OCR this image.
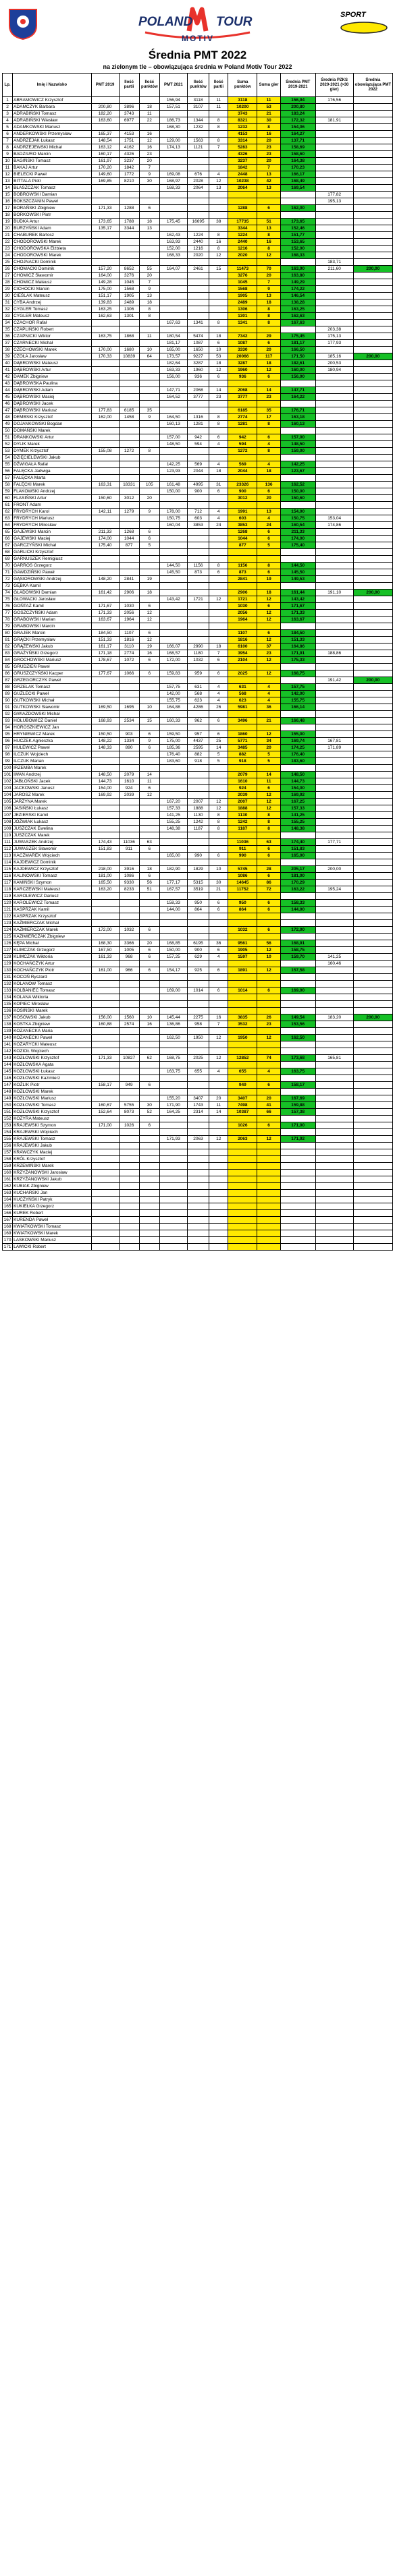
POLAND TOUR
MOTIV
SPORT
Średnia PMT 2022
na zielonym tle – obowiązująca średnia w Poland Motiv Tour 2022
Lp.	Imię i Nazwisko	PMT 2019	Ilość partii	Ilość punktów	PMT 2021	Ilość punktów	Ilość partii	Suma punktów	Suma gier	Średnia PMT 2019-2021	Średnia PZKS 2020-2021 (>30 gier)	Średnia obowiązująca PMT 2022
1	ABRAMOWICZ Krzysztof				156,94	3118	11	3118	11	156,94	176,56	
2	ADAMCZYK Barbara	200,80	3896	18	157,51	3107	11	10200	53	200,80		
3	ADRABIŃSKI Tomasz	182,20	3743	11				3743	21	183,24		
4	ADRABIŃSKI Wiesław	163,60	6977	22	186,73	1344	8	8321	30	172,32	181,91	
5	ADAMKOWSKI Mariusz				168,30	1232	8	1232	8	154,06		
6	ANDERKOWSKI Przemysław	165,37	4153	16				4153	16	164,27		
7	ANDRZEJAK Łukasz	148,54	1751	12	129,00	1563	8	3314	20	137,71		
8	ANDRZEJEWSKI Michał	163,12	4162	16	174,13	1121	7	5283	23	158,69		
9	BADZIURO Marcin	160,17	4326	23				4326	23	158,60		
10	BAGIŃSKI Tomasz	161,97	3237	20				3237	20	164,38		
11	BAKAJ Artur	170,20	1842	7				1842	7	170,23		
12	BIELECKI Paweł	149,60	1772	9	169,08	676	4	2448	13	166,17		
13	BITTALA Piotr	169,85	8210	30	168,97	2028	12	10238	42	168,49		
14	BŁASZCZAK Tomasz				168,33	2064	13	2064	13	169,54		
15	BOBROWSKI Damian										177,82	
16	BOKSZCZANIN Paweł										195,13	
17	BORAŃSKI Zbigniew	171,33	1288	6				1288	6	162,00		
18	BORKOWSKI Piotr											
19	BUDKA Artur	173,65	1788	18	175,45	16695	38	17735	51	173,65		
20	BURZYŃSKI Adam	135,17	3344	13				3344	13	152,46		
21	CHABUREK Bartosz				162,43	1224	8	1224	8	151,77		
22	CHODOROWSKI Marek				163,93	2440	16	2440	16	153,65		
23	CHODOROWSKA Elżbieta				152,00	1216	8	1216	8	152,00		
24	CHODOROWSKI Marek				168,33	2020	12	2020	12	168,33		
25	CHOJNACKI Dominik										183,71	
26	CHOMACKI Dominik	157,20	8652	55	164,07	2461	15	11473	70	163,90	211,60	200,00
27	CHOMICZ Sławomir	164,00	3276	20				3276	20	163,80		
28	CHOMICZ Mateusz	149,28	1045	7				1045	7	149,29		
29	CICHOCKI Marcin	175,00	1568	9				1568	9	174,22		
30	CIEŚLAK Mateusz	151,17	1905	13				1905	13	146,54		
31	CYBA Andrzej	139,83	2489	18				2489	18	138,28		
32	CYGLER Tomasz	163,25	1306	8				1306	8	163,25		
33	CYGLER Mateusz	162,63	1301	8				1301	8	162,63		
34	CZACHOR Rafał				167,63	1341	8	1341	8	167,63		
35	CZAPLIŃSKI Robert										203,38	
36	CZAPNICKI Wiktor	163,75	1868	11	180,54	5474	18	7342	29	175,45	175,13	
37	CZARNECKI Michał				181,17	1087	6	1087	6	181,17	177,93	
38	CZECHOWSKI Marek	170,00	1680	10	165,00	1650	10	3330	20	166,50		
39	CZOŁA Jarosław	170,33	10839	64	173,57	9227	53	20066	117	171,50	185,16	200,00
40	DĄBROWSKI Mateusz				182,64	3287	18	3287	18	182,61	200,53	
41	DĄBROWSKI Artur				163,33	1960	12	1960	12	160,00	180,94	
42	DAMEK Zbigniew				156,00	936	6	936	6	156,00		
43	DĄBROWSKA Paulina											
44	DĄBROWSKI Adam				147,71	2068	14	2068	14	147,71		
45	DĄBROWSKI Maciej				164,52	3777	23	3777	23	164,22		
46	DĄBROWSKI Jacek											
47	DĄBROWSKI Mariusz	177,83	6185	35				6185	35	176,71		
48	DEMBSKI Krzysztof	162,00	1458	9	164,50	1316	8	2774	17	163,18		
49	DOJANKOWSKI Bogdan				160,13	1281	8	1281	8	160,13		
50	DOMAŃSKI Marek											
51	DRANKOWSKI Artur				157,00	942	6	942	6	157,00		
52	DYLIK Marek				148,50	594	4	594	4	148,50		
53	DYMEK Krzysztof	155,08	1272	8				1272	8	159,00		
54	DZIĘCIELEWSKI Jakub											
55	DŹWIGAŁA Rafał				142,25	569	4	569	4	142,25		
56	FALĘCKA Jadwiga				123,93	2044	18	2044	18	123,67		
57	FALĘCKA Marta											
58	FALĘCKI Marek	163,31	18331	105	161,48	4995	31	23326	136	162,52		
59	FLAKOWSKI Andrzej				150,00	900	6	900	6	150,00		
60	FLASIŃSKI Artur	150,60	3012	20				3012	20	150,60		
61	FRONT Adam											
62	FRYDRYCH Karol	142,11	1279	9	178,00	712	4	1991	13	154,00		
63	FRYDRYCH Mariusz				150,75	603	4	603	4	150,75	153,04	
64	FRYDRYCH Mirosław				160,04	3853	24	3853	24	160,54	174,86	
65	GAJEWSKI Marcin	211,33	1268	6				1268	6	211,33		
66	GAJEWSKI Maciej	174,00	1044	6				1044	6	174,00		
67	GARCZYŃSKI Michał	175,40	877	5				877	5	175,40		
68	GARLICKI Krzysztof											
69	GARNUSZEK Remigiusz											
70	GARROS Grzegorz				144,50	1156	8	1156	8	144,50		
71	GAWDZIŃSKI Paweł				145,50	873	6	873	6	145,50		
72	GĄSIOROWSKI Andrzej	148,20	2841	19				2841	19	149,53		
73	GĘBKA Kamil											
74	GŁADOWSKI Damian	161,42	2906	18				2906	18	161,44	191,10	200,00
75	GŁOWACKI Jarosław				143,42	1721	12	1721	12	143,42		
76	GOŃTAŻ Kamil	171,67	1030	6				1030	6	171,67		
77	GOSZCZYŃSKI Adam	171,33	2056	12				2056	12	171,33		
78	GRABOWSKI Marian	163,67	1964	12				1964	12	163,67		
79	GRABOWSKI Marcin											
80	GRAJEK Marcin	184,50	1107	6				1107	6	184,50		
81	GRĄCKI Przemysław	151,33	1816	12				1816	12	151,33		
82	GRĄŻEWSKI Jakub	161,17	3110	19	166,07	2990	18	6100	37	164,86		
83	GRAŻYŃSKI Grzegorz	171,18	2774	16	168,57	1180	7	3954	23	171,91	188,86	
84	GROCHOWSKI Mariusz	178,67	1072	6	172,00	1032	6	2104	12	175,33		
85	GRUDZIEŃ Paweł											
86	GRUSZCZYŃSKI Kacper	177,67	1066	6	159,83	959	6	2025	12	168,75		
87	GRZEGORCZYK Paweł										191,42	200,00
88	GRZELAK Tomasz				157,75	631	4	631	4	157,75		
89	GUŹLECKI Paweł				142,00	568	4	568	4	142,00		
90	GUTKOWSKI Michał				155,75	623	4	623	4	155,75		
91	GUTKOWSKI Sławomir	169,50	1695	10	164,88	4286	26	5981	36	166,14		
92	GWIAZDOWSKI Michał											
93	HOŁUBOWICZ Daniel	168,93	2534	15	160,33	962	6	3496	21	166,48		
94	HOROSZKIEWICZ Jan											
95	HRYNIEWICZ Marek	150,50	903	6	159,50	957	6	1860	12	155,00		
96	HUCZEK Agnieszka	148,22	1334	9	175,00	4437	25	5771	34	169,74	167,81	
97	HULEWICZ Paweł	148,33	890	6	185,36	2595	14	3485	20	174,25	171,89	
98	ILCZUK Wojciech				176,40	882	5	882	5	176,40		
99	ILCZUK Marian				183,60	918	5	918	5	183,60		
100	IRZEMBA Marek											
101	IWAN Andrzej	148,50	2079	14				2079	14	148,50		
102	JABŁOŃSKI Jacek	144,73	1610	11				1610	11	144,73		
103	JACKOWSKI Janusz	154,00	924	6				924	6	154,00		
104	JAROSZ Marek	169,92	2039	12				2039	12	169,92		
105	JARZYNA Marek				167,20	2007	12	2007	12	167,25		
106	JASIŃSKI Łukasz				157,33	1888	12	1888	12	157,33		
107	JEZIERSKI Kamil				141,25	1130	8	1130	8	141,25		
108	JÓŹWIAK Łukasz				155,25	1242	8	1242	8	155,25		
109	JUSZCZAK Ewelina				148,38	1187	8	1187	8	148,38		
110	JUSZCZAK Marek											
111	JUWASZEK Andrzej	174,43	11036	63				11036	63	174,40	177,71	
112	JUWASZEK Sławomir	151,83	911	6				911	6	151,83		
113	KACZMAREK Wojciech				165,00	990	6	990	6	165,00		
114	KAJDEWICZ Dominik											
115	KAJDEWICZ Krzysztof	218,00	3916	18	182,90	1829	10	5745	28	205,17	200,00	
116	KALINOWSKI Tomasz	181,00	1086	6				1086	6	181,00		
117	KAMIŃSKI Szymon	165,50	9330	56	177,17	5315	30	14645	86	170,29		
118	KARCZEWSKI Mateusz	163,20	8233	51	167,57	3519	21	11752	72	163,22	195,24	
119	KAROLEWICZ Dariusz											
120	KAROLEWICZ Tomasz				158,33	950	6	950	6	158,33		
121	KASPRZAK Kamil				144,00	864	6	864	6	144,00		
122	KASPRZAK Krzysztof											
123	KAŹMIERCZAK Michał											
124	KAŹMIERCZAK Marek	172,00	1032	6				1032	6	172,00		
125	KAZIMIERCZAK Zbigniew											
126	KĘPA Michał	168,30	3366	20	168,85	6195	36	9561	56	168,91		
127	KLIMCZAK Grzegorz	167,50	1005	6	150,00	900	6	1905	12	158,75		
128	KLIMCZAK Wiktoria	161,33	968	6	157,25	629	4	1597	10	159,70	141,25	
129	KOCHAŃCZYK Artur										160,46	
130	KOCHAŃCZYK Piotr	161,00	966	6	154,17	925	6	1891	12	157,58		
131	KOCOŃ Ryszard											
132	KOLANOW Tomasz											
133	KOLBANIEC Tomasz				169,00	1014	6	1014	6	169,00		
134	KOLANA Wiktoria											
135	KOPIEC Mirosław											
136	KOSIŃSKI Marek											
137	KOSOWSKI Jakub	156,00	1560	10	145,44	2275	16	3835	26	149,54	183,20	200,00
138	KOSTKA Zbigniew	160,88	2574	16	136,86	958	7	3532	23	153,56		
139	KOZANECKA Maria											
140	KOZANECKI Paweł				162,50	1950	12	1950	12	162,50		
141	KOZARYCKI Mateusz											
142	KOZIOŁ Wojciech											
143	KOZŁOWSKI Krzysztof	171,33	10827	62	168,75	2025	12	12852	74	173,68	165,81	
144	KOZŁOWSKA Agata											
145	KOZŁOWSKI Łukasz				163,75	655	4	655	4	163,75		
146	KOZŁOWSKI Kazimierz											
147	KOŹLIK Piotr	158,17	949	6				949	6	158,17		
148	KOZŁOWSKI Marek											
149	KOZŁOWSKI Mariusz				155,20	3407	20	3407	20	167,69		
150	KOZŁOWSKI Tomasz	160,67	5755	30	171,90	1743	11	7498	41	159,88		
151	KOZŁOWSKI Krzysztof	152,64	8073	52	164,25	2314	14	10387	66	157,38		
152	KOZYRA Mateusz											
153	KRAJEWSKI Szymon	171,00	1026	6				1026	6	171,00		
154	KRAJEWSKI Wojciech											
155	KRAJEWSKI Tomasz				171,93	2063	12	2063	12	171,92		
156	KRAJEWSKI Jakub											
157	KRAWCZYK Maciej											
158	KRÓL Krzysztof											
159	KRZEMIŃSKI Marek											
160	KRZYŻANOWSKI Jarosław											
161	KRZYŻANOWSKI Jakub											
162	KUBIAK Zbigniew											
163	KUCHARSKI Jan											
164	KUCZYŃSKI Patryk											
165	KUKIEŁKA Grzegorz											
166	KUREK Robert											
167	KURENDA Paweł											
168	KWIATKOWSKI Tomasz											
169	KWIATKOWSKI Marek											
170	LASKOWSKI Mariusz											
171	LAWICKI Robert											
